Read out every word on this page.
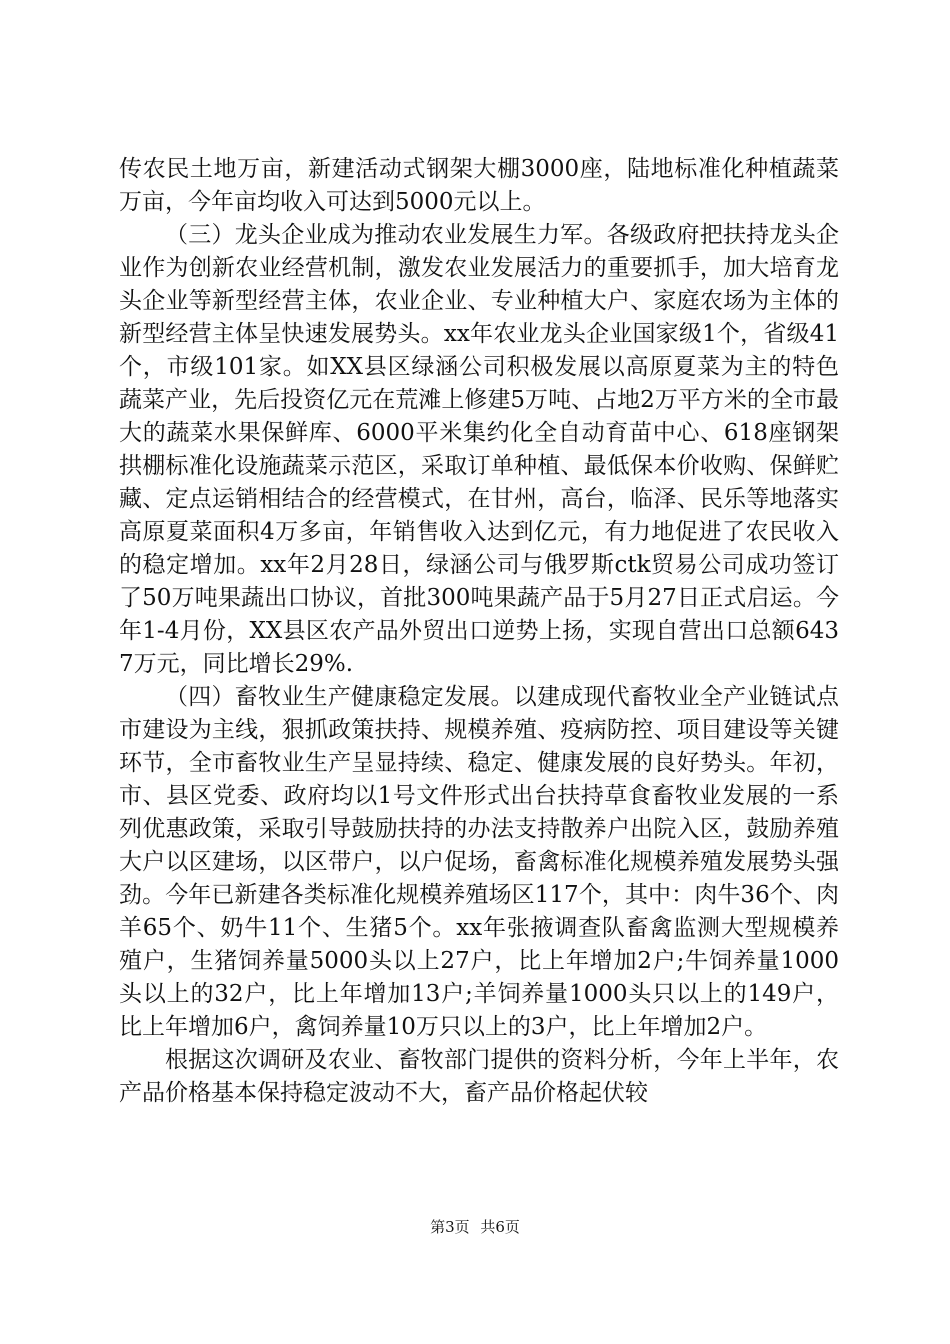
传农民土地万亩，新建活动式钢架大棚3000座，陆地标准化种植蔬菜万亩，今年亩均收入可达到5000元以上。

（三）龙头企业成为推动农业发展生力军。各级政府把扶持龙头企业作为创新农业经营机制，激发农业发展活力的重要抓手，加大培育龙头企业等新型经营主体，农业企业、专业种植大户、家庭农场为主体的新型经营主体呈快速发展势头。xx年农业龙头企业国家级1个，省级41个，市级101家。如XX县区绿涵公司积极发展以高原夏菜为主的特色蔬菜产业，先后投资亿元在荒滩上修建5万吨、占地2万平方米的全市最大的蔬菜水果保鲜库、6000平米集约化全自动育苗中心、618座钢架拱棚标准化设施蔬菜示范区，采取订单种植、最低保本价收购、保鲜贮藏、定点运销相结合的经营模式，在甘州，高台，临泽、民乐等地落实高原夏菜面积4万多亩，年销售收入达到亿元，有力地促进了农民收入的稳定增加。xx年2月28日，绿涵公司与俄罗斯ctk贸易公司成功签订了50万吨果蔬出口协议，首批300吨果蔬产品于5月27日正式启运。今年1-4月份，XX县区农产品外贸出口逆势上扬，实现自营出口总额6437万元，同比增长29%.

（四）畜牧业生产健康稳定发展。以建成现代畜牧业全产业链试点市建设为主线，狠抓政策扶持、规模养殖、疫病防控、项目建设等关键环节，全市畜牧业生产呈显持续、稳定、健康发展的良好势头。年初，市、县区党委、政府均以1号文件形式出台扶持草食畜牧业发展的一系列优惠政策，采取引导鼓励扶持的办法支持散养户出院入区，鼓励养殖大户以区建场，以区带户，以户促场，畜禽标准化规模养殖发展势头强劲。今年已新建各类标准化规模养殖场区117个，其中：肉牛36个、肉羊65个、奶牛11个、生猪5个。xx年张掖调查队畜禽监测大型规模养殖户，生猪饲养量5000头以上27户，比上年增加2户;牛饲养量1000头以上的32户，比上年增加13户;羊饲养量1000头只以上的149户，比上年增加6户，禽饲养量10万只以上的3户，比上年增加2户。

根据这次调研及农业、畜牧部门提供的资料分析，今年上半年，农产品价格基本保持稳定波动不大，畜产品价格起伏较

第3页 共6页
